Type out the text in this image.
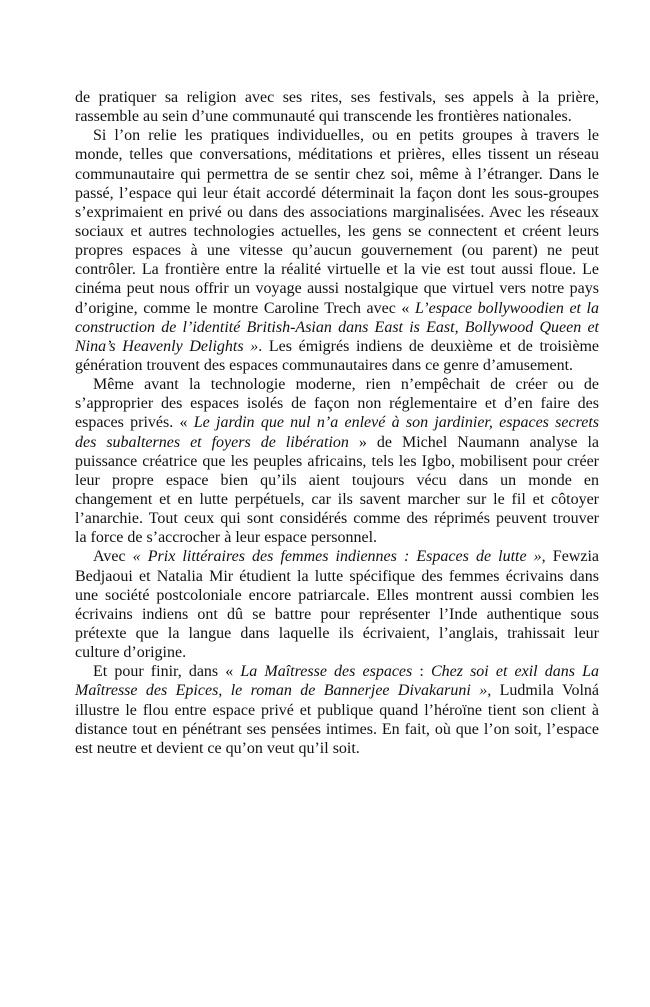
de pratiquer sa religion avec ses rites, ses festivals, ses appels à la prière,
rassemble au sein d’une communauté qui transcende les frontières nationales.
Si l’on relie les pratiques individuelles, ou en petits groupes à travers le
monde, telles que conversations, méditations et prières, elles tissent un réseau
communautaire qui permettra de se sentir chez soi, même à l’étranger. Dans le
passé, l’espace qui leur était accordé déterminait la façon dont les sous-groupes
s’exprimaient en privé ou dans des associations marginalisées. Avec les réseaux
sociaux et autres technologies actuelles, les gens se connectent et créent leurs
propres espaces à une vitesse qu’aucun gouvernement (ou parent) ne peut
contrôler. La frontière entre la réalité virtuelle et la vie est tout aussi floue. Le
cinéma peut nous offrir un voyage aussi nostalgique que virtuel vers notre pays
d’origine, comme le montre Caroline Trech avec « L’espace bollywoodien et la
construction de l’identité British-Asian dans East is East, Bollywood Queen et
Nina’s Heavenly Delights ». Les émigrés indiens de deuxième et de troisième
génération trouvent des espaces communautaires dans ce genre d’amusement.
Même avant la technologie moderne, rien n’empêchait de créer ou de
s’approprier des espaces isolés de façon non réglementaire et d’en faire des
espaces privés. « Le jardin que nul n’a enlevé à son jardinier, espaces secrets
des subalternes et foyers de libération » de Michel Naumann analyse la
puissance créatrice que les peuples africains, tels les Igbo, mobilisent pour créer
leur propre espace bien qu’ils aient toujours vécu dans un monde en
changement et en lutte perpétuels, car ils savent marcher sur le fil et côtoyer
l’anarchie. Tout ceux qui sont considérés comme des réprimés peuvent trouver
la force de s’accrocher à leur espace personnel.
Avec « Prix littéraires des femmes indiennes : Espaces de lutte », Fewzia
Bedjaoui et Natalia Mir étudient la lutte spécifique des femmes écrivains dans
une société postcoloniale encore patriarcale. Elles montrent aussi combien les
écrivains indiens ont dû se battre pour représenter l’Inde authentique sous
prétexte que la langue dans laquelle ils écrivaient, l’anglais, trahissait leur
culture d’origine.
Et pour finir, dans « La Maîtresse des espaces : Chez soi et exil dans La
Maîtresse des Epices, le roman de Bannerjee Divakaruni », Ludmila Volná
illustre le flou entre espace privé et publique quand l’héroïne tient son client à
distance tout en pénétrant ses pensées intimes. En fait, où que l’on soit, l’espace
est neutre et devient ce qu’on veut qu’il soit.
